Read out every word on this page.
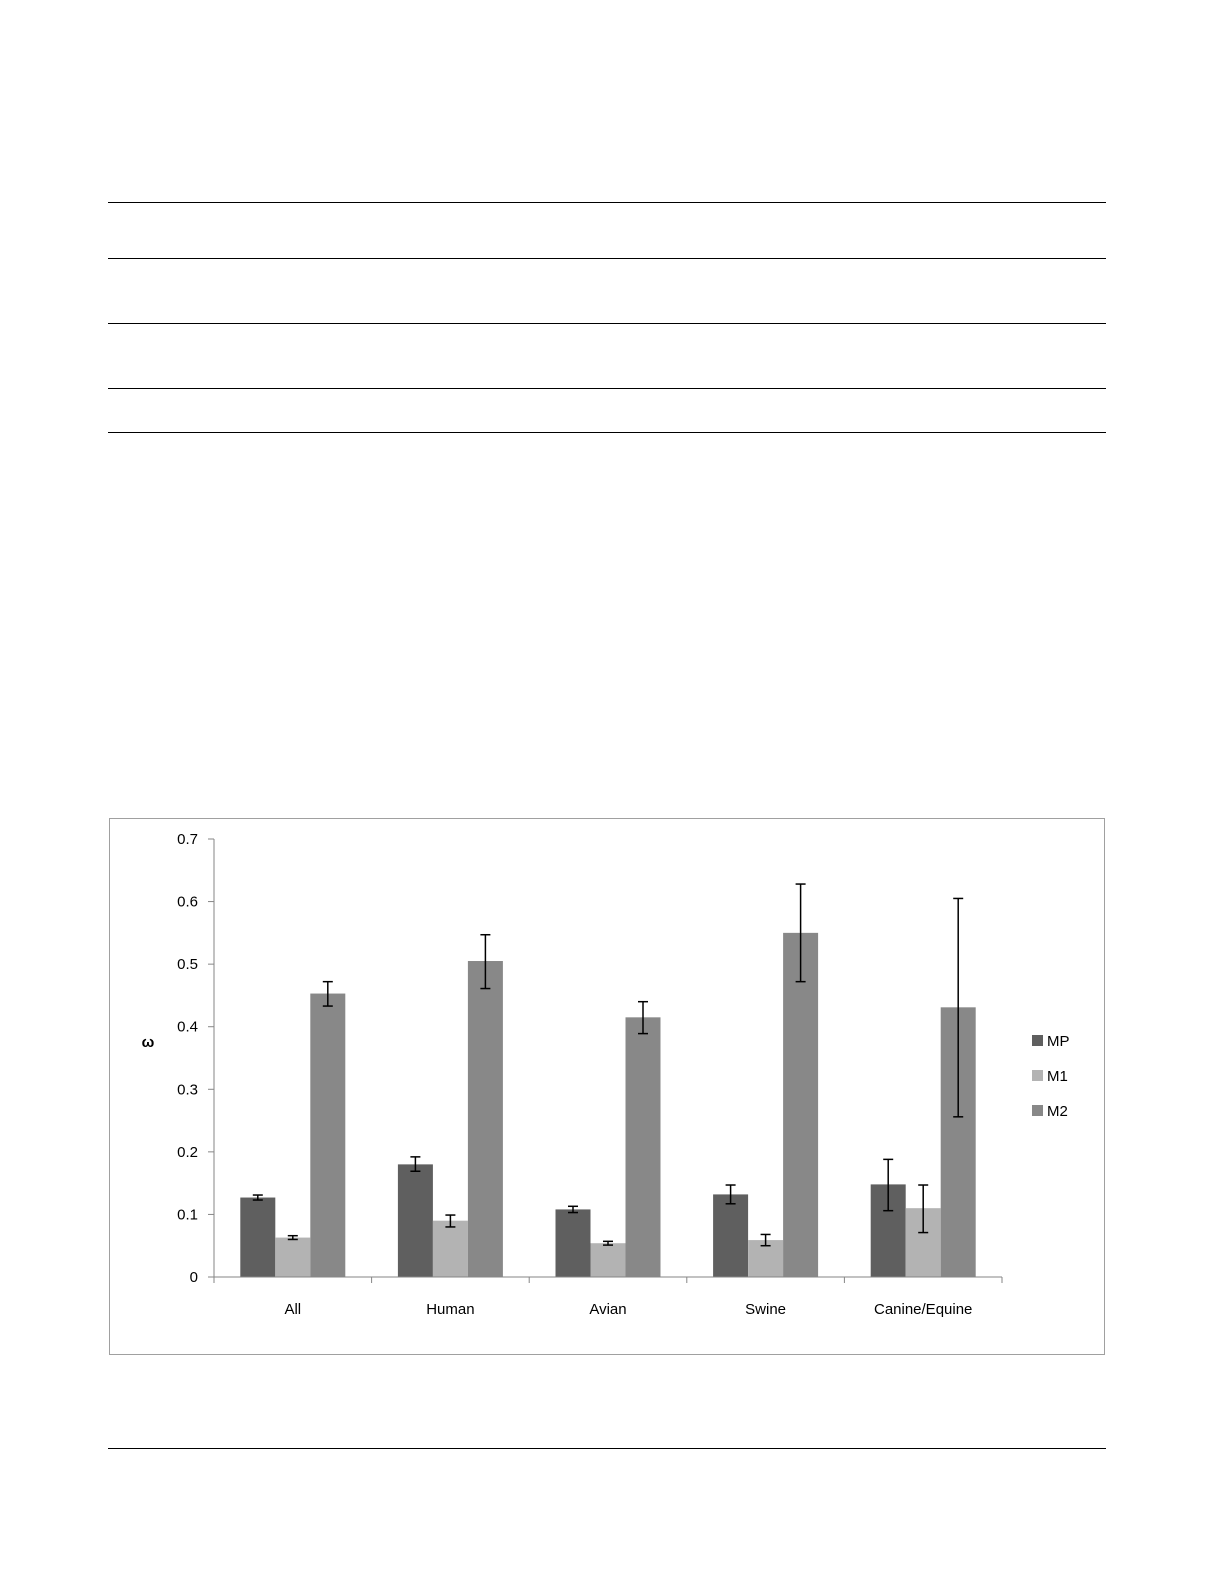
0
0.1
0.2
0.3
0.4
0.5
0.6
0.7
All	Human	Avian	Swine	Canine/Equine
ω	MP
M1
M2
